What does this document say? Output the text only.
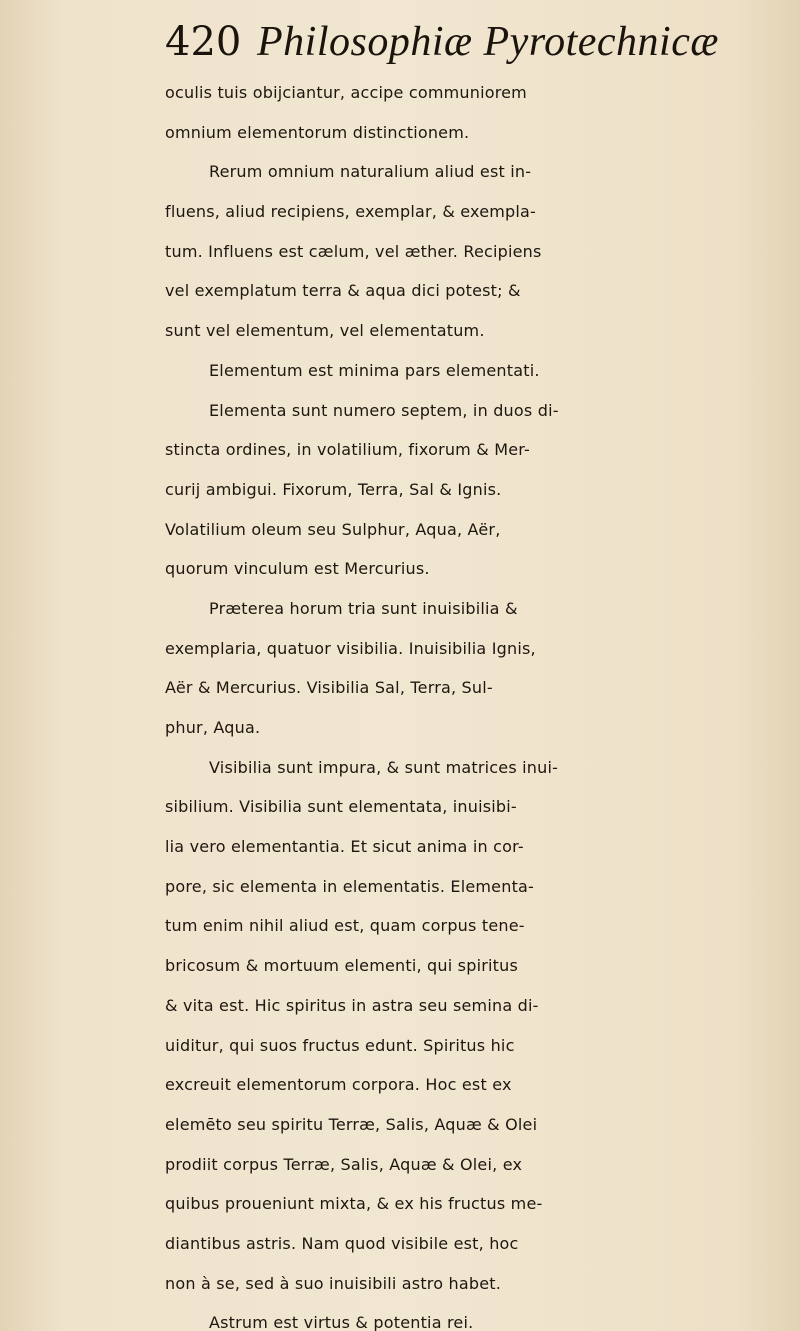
420 Philosophiæ Pyrotechnicæ
oculis tuis obijciantur, accipe communiorem
omnium elementorum distinctionem.
Rerum omnium naturalium aliud est in-
fluens, aliud recipiens, exemplar, & exempla-
tum. Influens est cælum, vel æther. Recipiens
vel exemplatum terra & aqua dici potest; &
sunt vel elementum, vel elementatum.
Elementum est minima pars elementati.
Elementa sunt numero septem, in duos di-
stincta ordines, in volatilium, fixorum & Mer-
curij ambigui. Fixorum, Terra, Sal & Ignis.
Volatilium oleum seu Sulphur, Aqua, Aër,
quorum vinculum est Mercurius.
Præterea horum tria sunt inuisibilia &
exemplaria, quatuor visibilia. Inuisibilia Ignis,
Aër & Mercurius. Visibilia Sal, Terra, Sul-
phur, Aqua.
Visibilia sunt impura, & sunt matrices inui-
sibilium. Visibilia sunt elementata, inuisibi-
lia vero elementantia. Et sicut anima in cor-
pore, sic elementa in elementatis. Elementa-
tum enim nihil aliud est, quam corpus tene-
bricosum & mortuum elementi, qui spiritus
& vita est. Hic spiritus in astra seu semina di-
uiditur, qui suos fructus edunt. Spiritus hic
excreuit elementorum corpora. Hoc est ex
elemēto seu spiritu Terræ, Salis, Aquæ & Olei
prodiit corpus Terræ, Salis, Aquæ & Olei, ex
quibus proueniunt mixta, & ex his fructus me-
diantibus astris. Nam quod visibile est, hoc
non à se, sed à suo inuisibili astro habet.
Astrum est virtus & potentia rei.
